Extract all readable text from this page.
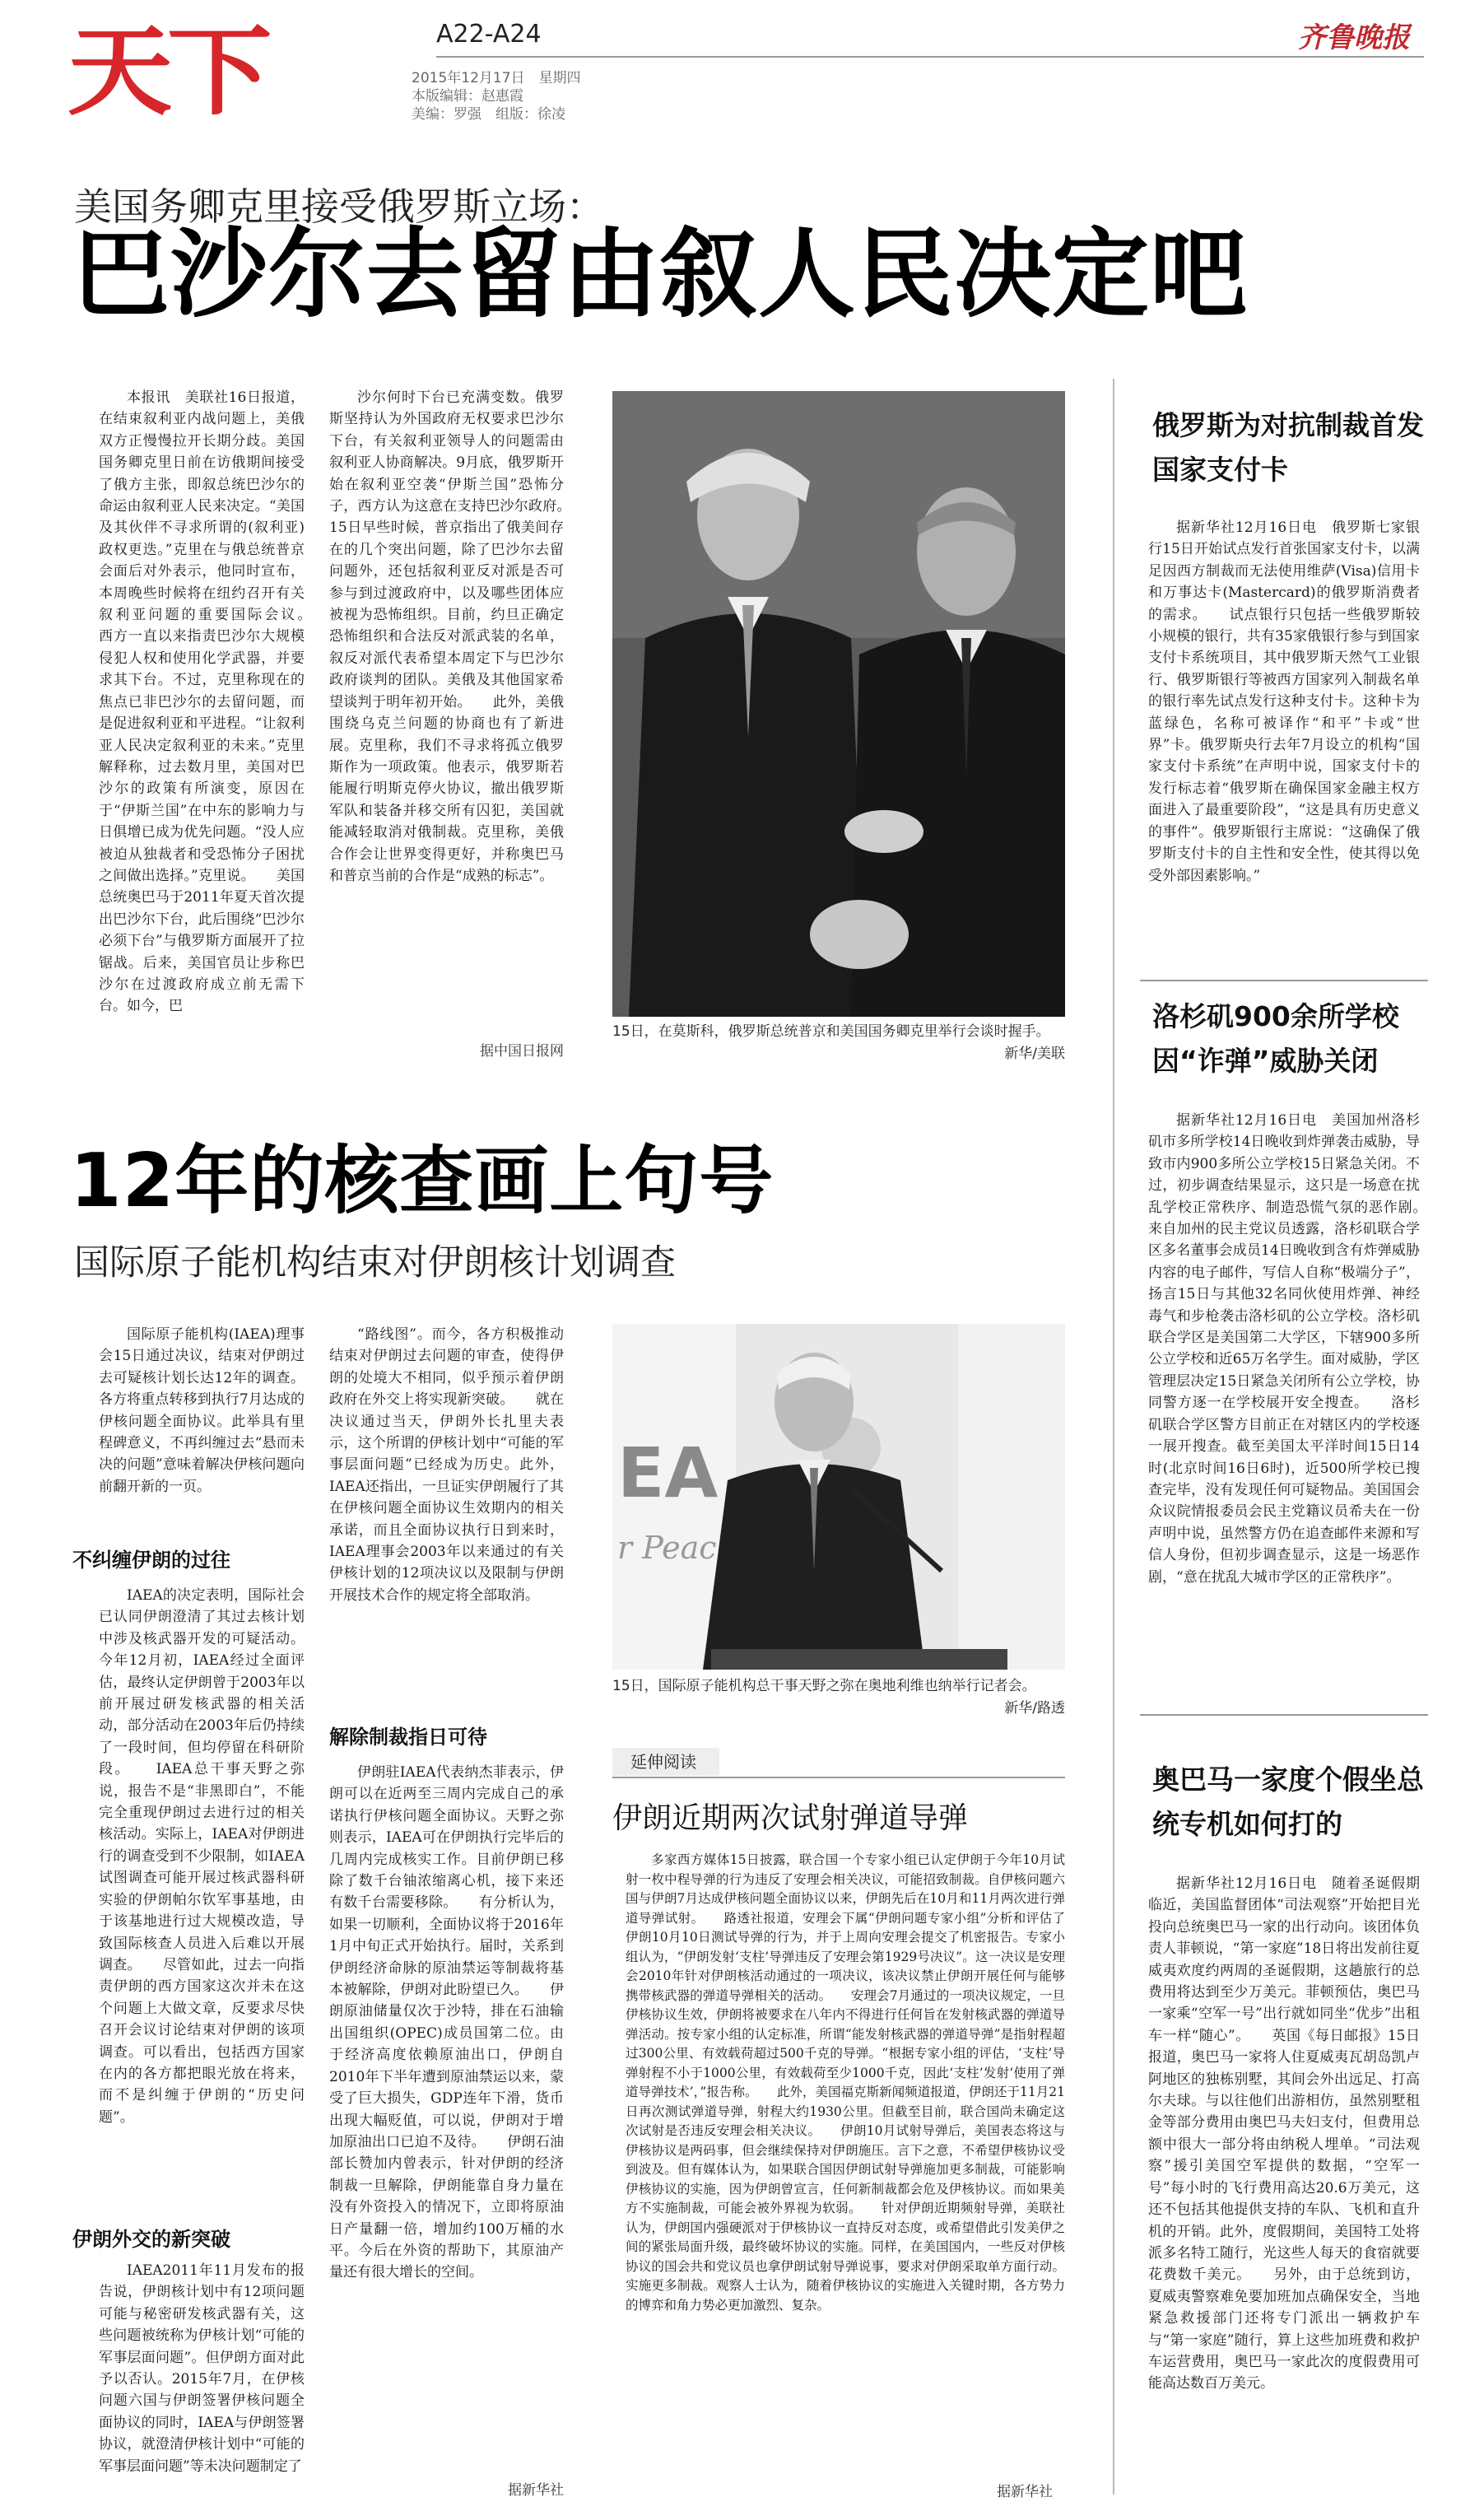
天下	A22-A24
2015年12月17日　星期四
本版编辑：赵惠霞
美编：罗强　组版：徐凌
齐鲁晚报
美国务卿克里接受俄罗斯立场：
巴沙尔去留由叙人民决定吧

本报讯　美联社16日报道，在结束叙利亚内战问题上，美俄双方正慢慢拉开长期分歧。美国国务卿克里日前在访俄期间接受了俄方主张，即叙总统巴沙尔的命运由叙利亚人民来决定。“美国及其伙伴不寻求所谓的(叙利亚)政权更迭。”克里在与俄总统普京会面后对外表示，他同时宣布，本周晚些时候将在纽约召开有关叙利亚问题的重要国际会议。　　西方一直以来指责巴沙尔大规模侵犯人权和使用化学武器，并要求其下台。不过，克里称现在的焦点已非巴沙尔的去留问题，而是促进叙利亚和平进程。“让叙利亚人民决定叙利亚的未来。”克里解释称，过去数月里，美国对巴沙尔的政策有所演变，原因在于“伊斯兰国”在中东的影响力与日俱增已成为优先问题。“没人应被迫从独裁者和受恐怖分子困扰之间做出选择。”克里说。　　美国总统奥巴马于2011年夏天首次提出巴沙尔下台，此后围绕“巴沙尔必须下台”与俄罗斯方面展开了拉锯战。后来，美国官员让步称巴沙尔在过渡政府成立前无需下台。如今，巴

沙尔何时下台已充满变数。俄罗斯坚持认为外国政府无权要求巴沙尔下台，有关叙利亚领导人的问题需由叙利亚人协商解决。9月底，俄罗斯开始在叙利亚空袭“伊斯兰国”恐怖分子，西方认为这意在支持巴沙尔政府。　　15日早些时候，普京指出了俄美间存在的几个突出问题，除了巴沙尔去留问题外，还包括叙利亚反对派是否可参与到过渡政府中，以及哪些团体应被视为恐怖组织。目前，约旦正确定恐怖组织和合法反对派武装的名单，叙反对派代表希望本周定下与巴沙尔政府谈判的团队。美俄及其他国家希望谈判于明年初开始。　　此外，美俄围绕乌克兰问题的协商也有了新进展。克里称，我们不寻求将孤立俄罗斯作为一项政策。他表示，俄罗斯若能履行明斯克停火协议，撤出俄罗斯军队和装备并移交所有囚犯，美国就能减轻取消对俄制裁。克里称，美俄合作会让世界变得更好，并称奥巴马和普京当前的合作是“成熟的标志”。

据中国日报网
15日，在莫斯科，俄罗斯总统普京和美国国务卿克里举行会谈时握手。
新华/美联
12年的核查画上句号
国际原子能机构结束对伊朗核计划调查

国际原子能机构(IAEA)理事会15日通过决议，结束对伊朗过去可疑核计划长达12年的调查。各方将重点转移到执行7月达成的伊核问题全面协议。此举具有里程碑意义，不再纠缠过去“悬而未决的问题”意味着解决伊核问题向前翻开新的一页。

不纠缠伊朗的过往

IAEA的决定表明，国际社会已认同伊朗澄清了其过去核计划中涉及核武器开发的可疑活动。今年12月初，IAEA经过全面评估，最终认定伊朗曾于2003年以前开展过研发核武器的相关活动，部分活动在2003年后仍持续了一段时间，但均停留在科研阶段。　　IAEA总干事天野之弥说，报告不是“非黑即白”，不能完全重现伊朗过去进行过的相关核活动。实际上，IAEA对伊朗进行的调查受到不少限制，如IAEA试图调查可能开展过核武器科研实验的伊朗帕尔钦军事基地，由于该基地进行过大规模改造，导致国际核查人员进入后难以开展调查。　　尽管如此，过去一向指责伊朗的西方国家这次并未在这个问题上大做文章，反要求尽快召开会议讨论结束对伊朗的该项调查。可以看出，包括西方国家在内的各方都把眼光放在将来，而不是纠缠于伊朗的“历史问题”。

伊朗外交的新突破

IAEA2011年11月发布的报告说，伊朗核计划中有12项问题可能与秘密研发核武器有关，这些问题被统称为伊核计划“可能的军事层面问题”。但伊朗方面对此予以否认。2015年7月，在伊核问题六国与伊朗签署伊核问题全面协议的同时，IAEA与伊朗签署协议，就澄清伊核计划中“可能的军事层面问题”等未决问题制定了

“路线图”。而今，各方积极推动结束对伊朗过去问题的审查，使得伊朗的处境大不相同，似乎预示着伊朗政府在外交上将实现新突破。　　就在决议通过当天，伊朗外长扎里夫表示，这个所谓的伊核计划中“可能的军事层面问题”已经成为历史。此外，IAEA还指出，一旦证实伊朗履行了其在伊核问题全面协议生效期内的相关承诺，而且全面协议执行日到来时，IAEA理事会2003年以来通过的有关伊核计划的12项决议以及限制与伊朗开展技术合作的规定将全部取消。

解除制裁指日可待

伊朗驻IAEA代表纳杰菲表示，伊朗可以在近两至三周内完成自己的承诺执行伊核问题全面协议。天野之弥则表示，IAEA可在伊朗执行完毕后的几周内完成核实工作。目前伊朗已移除了数千台铀浓缩离心机，接下来还有数千台需要移除。　　有分析认为，如果一切顺利，全面协议将于2016年1月中旬正式开始执行。届时，关系到伊朗经济命脉的原油禁运等制裁将基本被解除，伊朗对此盼望已久。　　伊朗原油储量仅次于沙特，排在石油输出国组织(OPEC)成员国第二位。由于经济高度依赖原油出口，伊朗自2010年下半年遭到原油禁运以来，蒙受了巨大损失，GDP连年下滑，货币出现大幅贬值，可以说，伊朗对于增加原油出口已迫不及待。　　伊朗石油部长赞加内曾表示，针对伊朗的经济制裁一旦解除，伊朗能靠自身力量在没有外资投入的情况下，立即将原油日产量翻一倍，增加约100万桶的水平。今后在外资的帮助下，其原油产量还有很大增长的空间。

据新华社
EA
r Peac
15日，国际原子能机构总干事天野之弥在奥地利维也纳举行记者会。
新华/路透
延伸阅读
伊朗近期两次试射弹道导弹

多家西方媒体15日披露，联合国一个专家小组已认定伊朗于今年10月试射一枚中程导弹的行为违反了安理会相关决议，可能招致制裁。自伊核问题六国与伊朗7月达成伊核问题全面协议以来，伊朗先后在10月和11月两次进行弹道导弹试射。　　路透社报道，安理会下属“伊朗问题专家小组”分析和评估了伊朗10月10日测试导弹的行为，并于上周向安理会提交了机密报告。专家小组认为，“伊朗发射‘支柱’导弹违反了安理会第1929号决议”。这一决议是安理会2010年针对伊朗核活动通过的一项决议，该决议禁止伊朗开展任何与能够携带核武器的弹道导弹相关的活动。　　安理会7月通过的一项决议规定，一旦伊核协议生效，伊朗将被要求在八年内不得进行任何旨在发射核武器的弹道导弹活动。按专家小组的认定标准，所谓“能发射核武器的弹道导弹”是指射程超过300公里、有效载荷超过500千克的导弹。“根据专家小组的评估，‘支柱’导弹射程不小于1000公里，有效载荷至少1000千克，因此‘支柱’发射‘使用了弹道导弹技术’，”报告称。　　此外，美国福克斯新闻频道报道，伊朗还于11月21日再次测试弹道导弹，射程大约1930公里。但截至目前，联合国尚未确定这次试射是否违反安理会相关决议。　　伊朗10月试射导弹后，美国表态将这与伊核协议是两码事，但会继续保持对伊朗施压。言下之意，不希望伊核协议受到波及。但有媒体认为，如果联合国因伊朗试射导弹施加更多制裁，可能影响伊核协议的实施，因为伊朗曾宣言，任何新制裁都会危及伊核协议。而如果美方不实施制裁，可能会被外界视为软弱。　　针对伊朗近期频射导弹，美联社认为，伊朗国内强硬派对于伊核协议一直持反对态度，或希望借此引发美伊之间的紧张局面升级，最终破坏协议的实施。同样，在美国国内，一些反对伊核协议的国会共和党议员也拿伊朗试射导弹说事，要求对伊朗采取单方面行动。实施更多制裁。观察人士认为，随着伊核协议的实施进入关键时期，各方势力的博弈和角力势必更加激烈、复杂。

据新华社
俄罗斯为对抗制裁首发国家支付卡

据新华社12月16日电　俄罗斯七家银行15日开始试点发行首张国家支付卡，以满足因西方制裁而无法使用维萨(Visa)信用卡和万事达卡(Mastercard)的俄罗斯消费者的需求。　　试点银行只包括一些俄罗斯较小规模的银行，共有35家俄银行参与到国家支付卡系统项目，其中俄罗斯天然气工业银行、俄罗斯银行等被西方国家列入制裁名单的银行率先试点发行这种支付卡。这种卡为蓝绿色，名称可被译作“和平”卡或“世界”卡。俄罗斯央行去年7月设立的机构“国家支付卡系统”在声明中说，国家支付卡的发行标志着“俄罗斯在确保国家金融主权方面进入了最重要阶段”，“这是具有历史意义的事件”。俄罗斯银行主席说：“这确保了俄罗斯支付卡的自主性和安全性，使其得以免受外部因素影响。”

洛杉矶900余所学校因“诈弹”威胁关闭

据新华社12月16日电　美国加州洛杉矶市多所学校14日晚收到炸弹袭击威胁，导致市内900多所公立学校15日紧急关闭。不过，初步调查结果显示，这只是一场意在扰乱学校正常秩序、制造恐慌气氛的恶作剧。　　来自加州的民主党议员透露，洛杉矶联合学区多名董事会成员14日晚收到含有炸弹威胁内容的电子邮件，写信人自称“极端分子”，扬言15日与其他32名同伙使用炸弹、神经毒气和步枪袭击洛杉矶的公立学校。洛杉矶联合学区是美国第二大学区，下辖900多所公立学校和近65万名学生。面对威胁，学区管理层决定15日紧急关闭所有公立学校，协同警方逐一在学校展开安全搜查。　　洛杉矶联合学区警方目前正在对辖区内的学校逐一展开搜查。截至美国太平洋时间15日14时(北京时间16日6时)，近500所学校已搜查完毕，没有发现任何可疑物品。美国国会众议院情报委员会民主党籍议员希夫在一份声明中说，虽然警方仍在追查邮件来源和写信人身份，但初步调查显示，这是一场恶作剧，“意在扰乱大城市学区的正常秩序”。

奥巴马一家度个假坐总统专机如何打的

据新华社12月16日电　随着圣诞假期临近，美国监督团体“司法观察”开始把目光投向总统奥巴马一家的出行动向。该团体负责人菲顿说，“第一家庭”18日将出发前往夏威夷欢度约两周的圣诞假期，这趟旅行的总费用将达到至少万美元。菲顿预估，奥巴马一家乘“空军一号”出行就如同坐“优步”出租车一样“随心”。　　英国《每日邮报》15日报道，奥巴马一家将人住夏威夷瓦胡岛凯卢阿地区的独栋别墅，其间会外出远足、打高尔夫球。与以往他们出游相仿，虽然别墅租金等部分费用由奥巴马夫妇支付，但费用总额中很大一部分将由纳税人埋单。“司法观察”援引美国空军提供的数据，“空军一号”每小时的飞行费用高达20.6万美元，这还不包括其他提供支持的车队、飞机和直升机的开销。此外，度假期间，美国特工处将派多名特工随行，光这些人每天的食宿就要花费数千美元。　　另外，由于总统到访，夏威夷警察难免要加班加点确保安全，当地紧急救援部门还将专门派出一辆救护车与“第一家庭”随行，算上这些加班费和救护车运营费用，奥巴马一家此次的度假费用可能高达数百万美元。
